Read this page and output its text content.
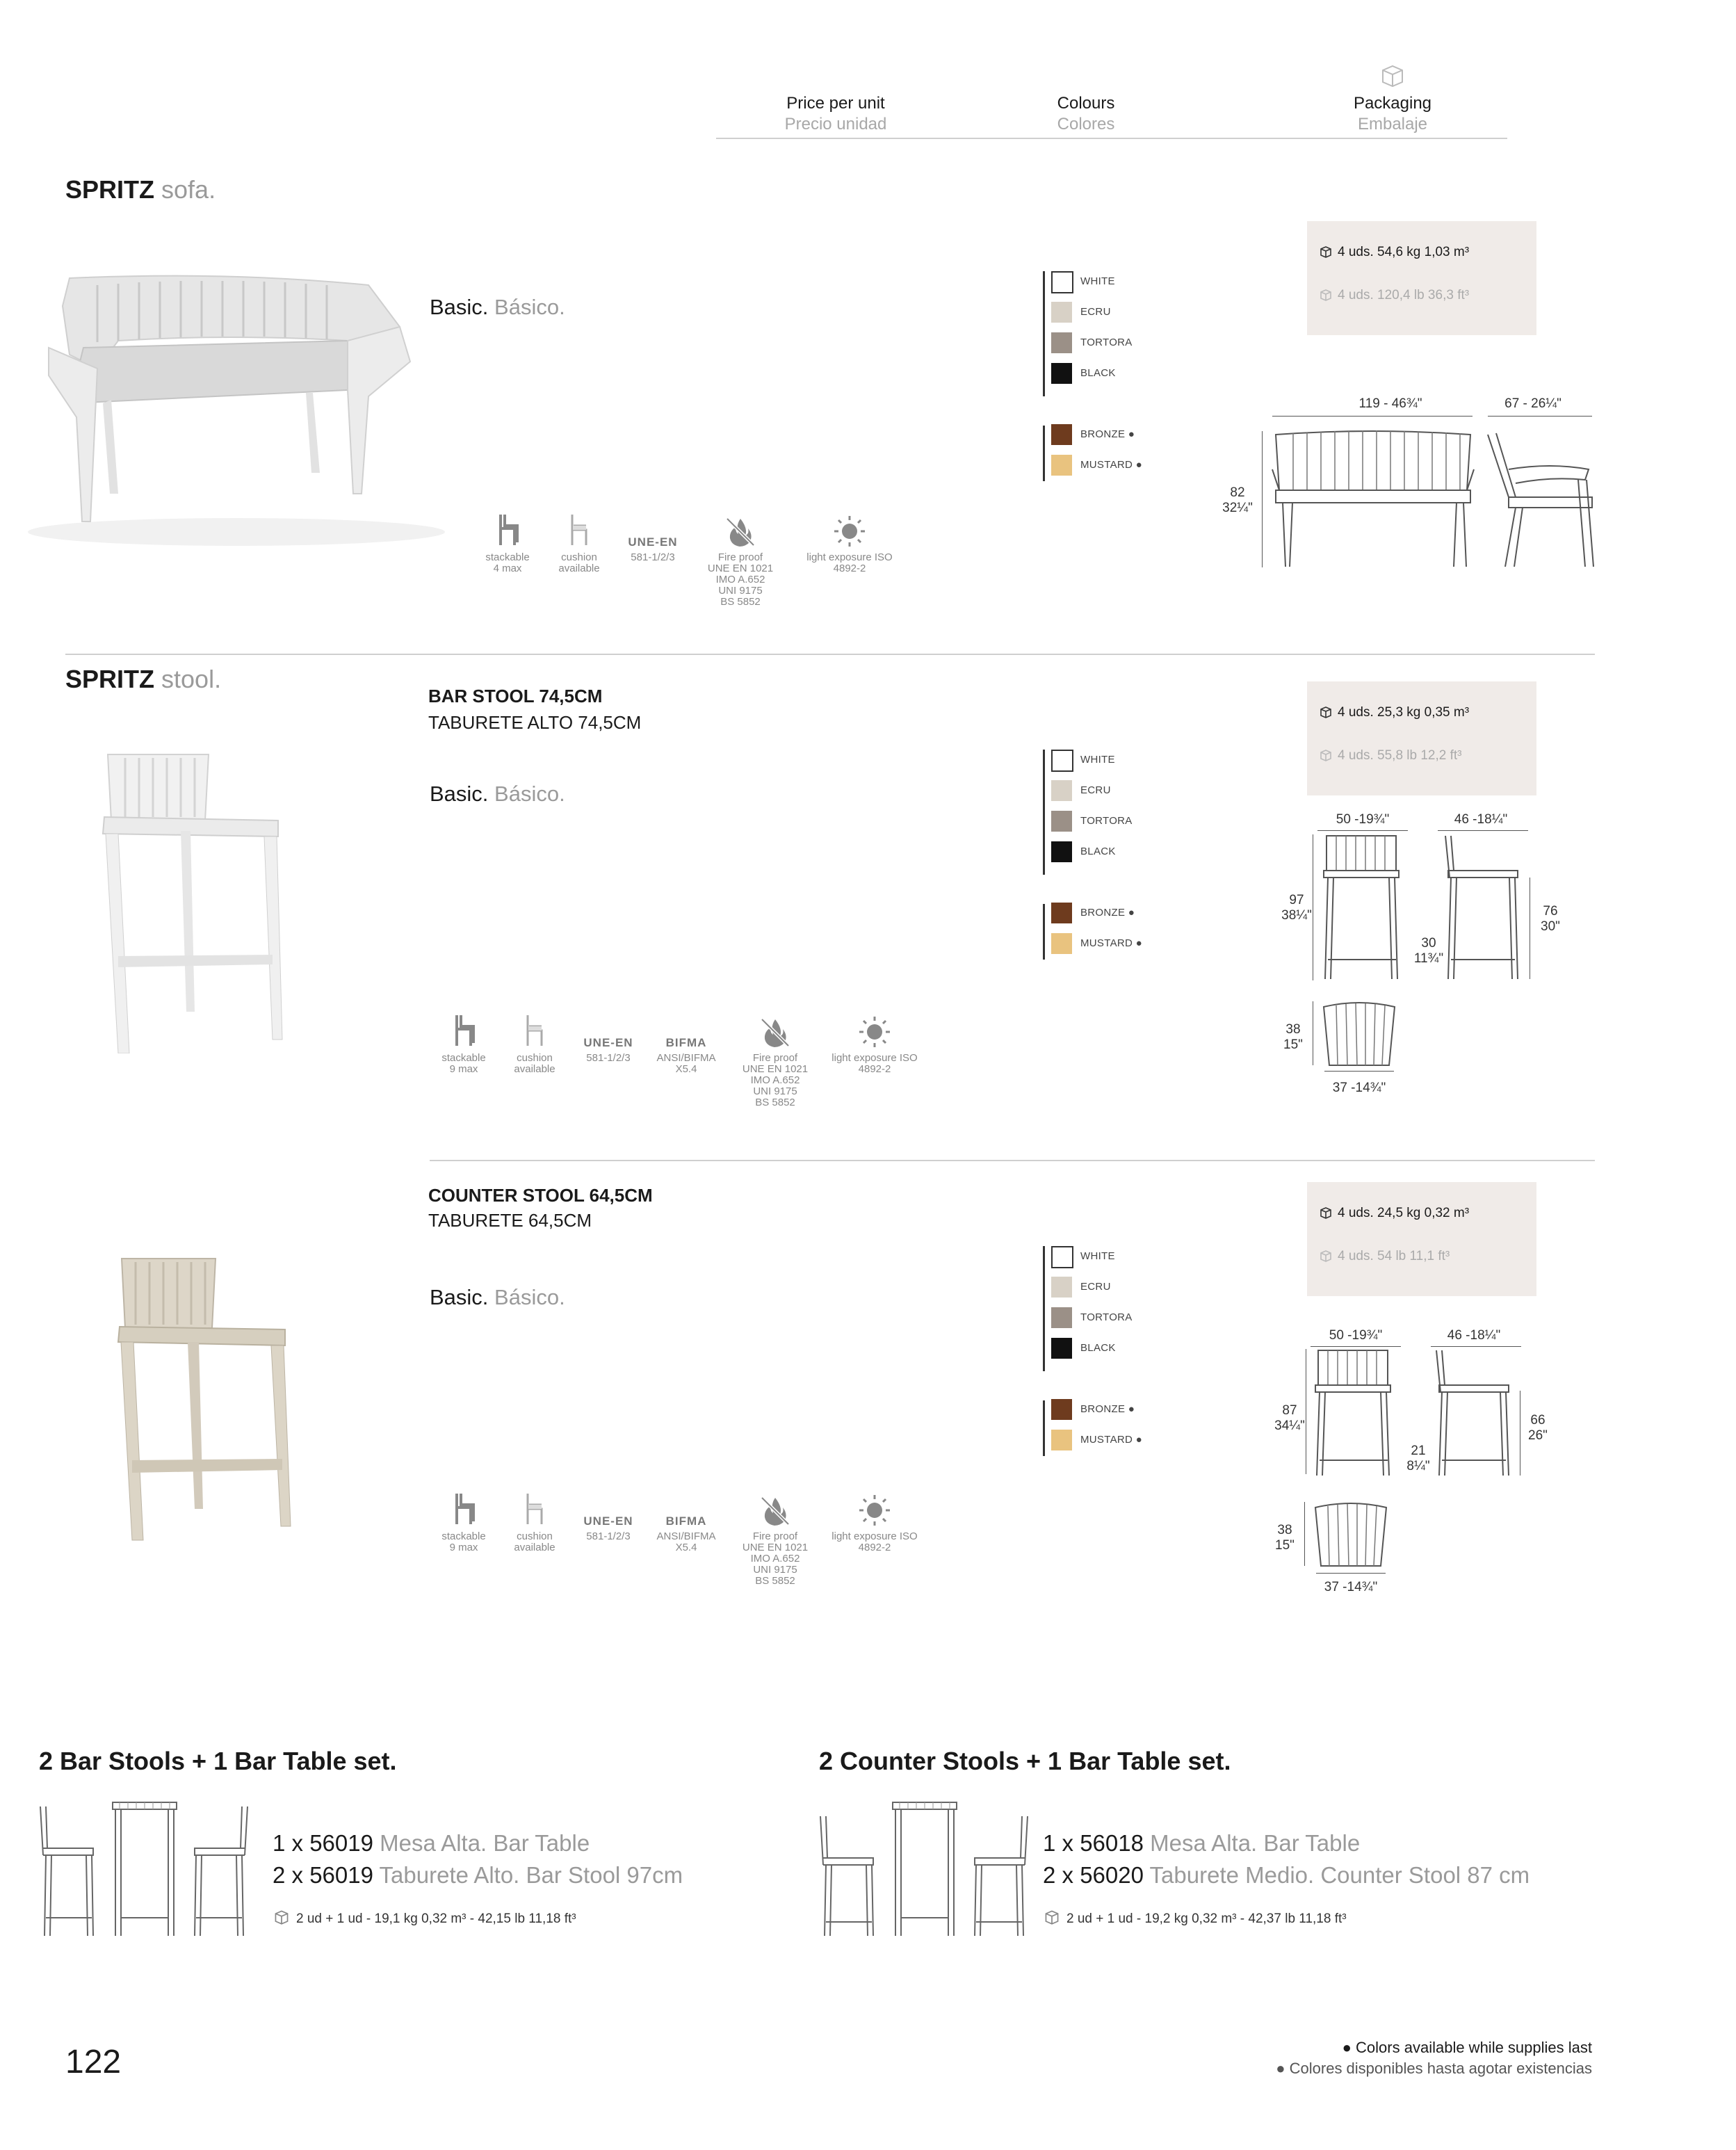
Price per unit
Precio unidad
Colours
Colores
Packaging
Embalaje
SPRITZ sofa.
Basic. Básico.
WHITE
ECRU
TORTORA
BLACK
BRONZE ●
MUSTARD ●
4 uds. 54,6 kg 1,03 m³
4 uds. 120,4 lb 36,3 ft³
119 - 46¾"	67 - 26¼"
82
32¼"
stackable
4 max
cushion
available
UNE-EN
581-1/2/3	Fire proof
UNE EN 1021
IMO A.652
UNI 9175
BS 5852
light exposure ISO
4892-2
SPRITZ stool.
BAR STOOL 74,5CM
TABURETE ALTO 74,5CM
Basic. Básico.
WHITE
ECRU
TORTORA
BLACK
BRONZE ●
MUSTARD ●
4 uds. 25,3 kg 0,35 m³
4 uds. 55,8 lb 12,2 ft³
50 -19¾"	46 -18¼"
97
38¼"
30
11¾"
76
30"
38
15"
37 -14¾"
stackable
9 max
cushion
available
UNE-EN
581-1/2/3
BIFMA
ANSI/BIFMA
X5.4
Fire proof
UNE EN 1021
IMO A.652
UNI 9175
BS 5852
light exposure ISO
4892-2
COUNTER STOOL 64,5CM
TABURETE 64,5CM
Basic. Básico.
WHITE
ECRU
TORTORA
BLACK
BRONZE ●
MUSTARD ●
4 uds. 24,5 kg 0,32 m³
4 uds. 54 lb 11,1 ft³
50 -19¾"	46 -18¼"
87
34¼"
21
8¼"
66
26"
38
15"
37 -14¾"
stackable
9 max
cushion
available
UNE-EN
581-1/2/3
BIFMA
ANSI/BIFMA
X5.4
Fire proof
UNE EN 1021
IMO A.652
UNI 9175
BS 5852
light exposure ISO
4892-2
2 Bar Stools + 1 Bar Table set.	2 Counter Stools + 1 Bar Table set.
1 x 56019 Mesa Alta. Bar Table
2 x 56019 Taburete Alto. Bar Stool 97cm
2 ud + 1 ud - 19,1 kg 0,32 m³ - 42,15 lb 11,18 ft³
1 x 56018 Mesa Alta. Bar Table
2 x 56020 Taburete Medio. Counter Stool 87 cm
2 ud + 1 ud - 19,2 kg 0,32 m³ - 42,37 lb 11,18 ft³
122	● Colors available while supplies last
● Colores disponibles hasta agotar existencias
